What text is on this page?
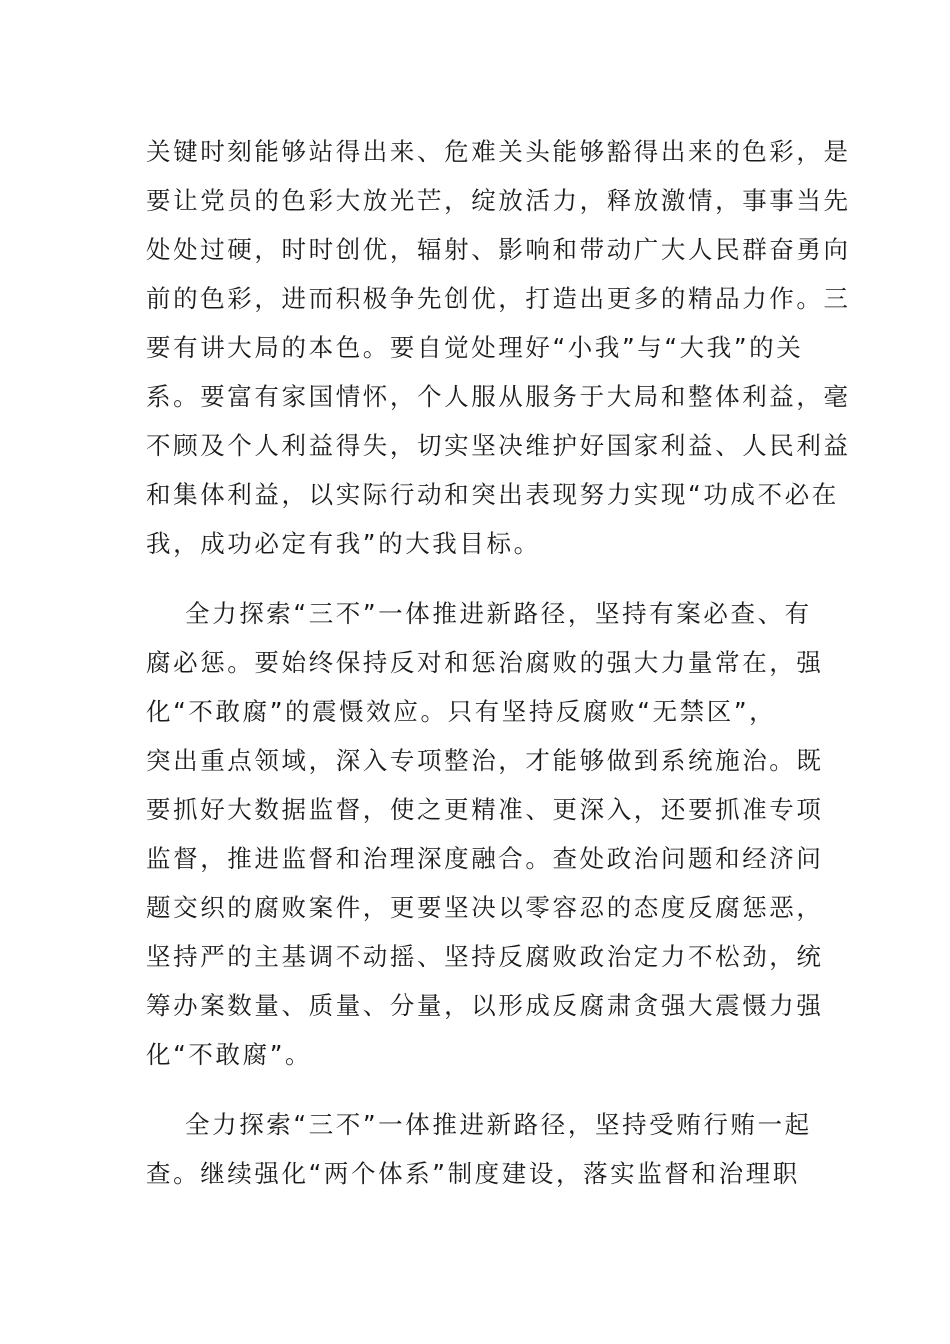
关键时刻能够站得出来、危难关头能够豁得出来的色彩，是
要让党员的色彩大放光芒，绽放活力，释放激情，事事当先
处处过硬，时时创优，辐射、影响和带动广大人民群奋勇向
前的色彩，进而积极争先创优，打造出更多的精品力作。三
要有讲大局的本色。要自觉处理好“小我”与“大我”的关
系。要富有家国情怀，个人服从服务于大局和整体利益，毫
不顾及个人利益得失，切实坚决维护好国家利益、人民利益
和集体利益，以实际行动和突出表现努力实现“功成不必在
我，成功必定有我”的大我目标。
全力探索“三不”一体推进新路径，坚持有案必查、有
腐必惩。要始终保持反对和惩治腐败的强大力量常在，强
化“不敢腐”的震慑效应。只有坚持反腐败“无禁区”，
突出重点领域，深入专项整治，才能够做到系统施治。既
要抓好大数据监督，使之更精准、更深入，还要抓准专项
监督，推进监督和治理深度融合。查处政治问题和经济问
题交织的腐败案件，更要坚决以零容忍的态度反腐惩恶，
坚持严的主基调不动摇、坚持反腐败政治定力不松劲，统
筹办案数量、质量、分量，以形成反腐肃贪强大震慑力强
化“不敢腐”。
全力探索“三不”一体推进新路径，坚持受贿行贿一起
查。继续强化“两个体系”制度建设，落实监督和治理职
